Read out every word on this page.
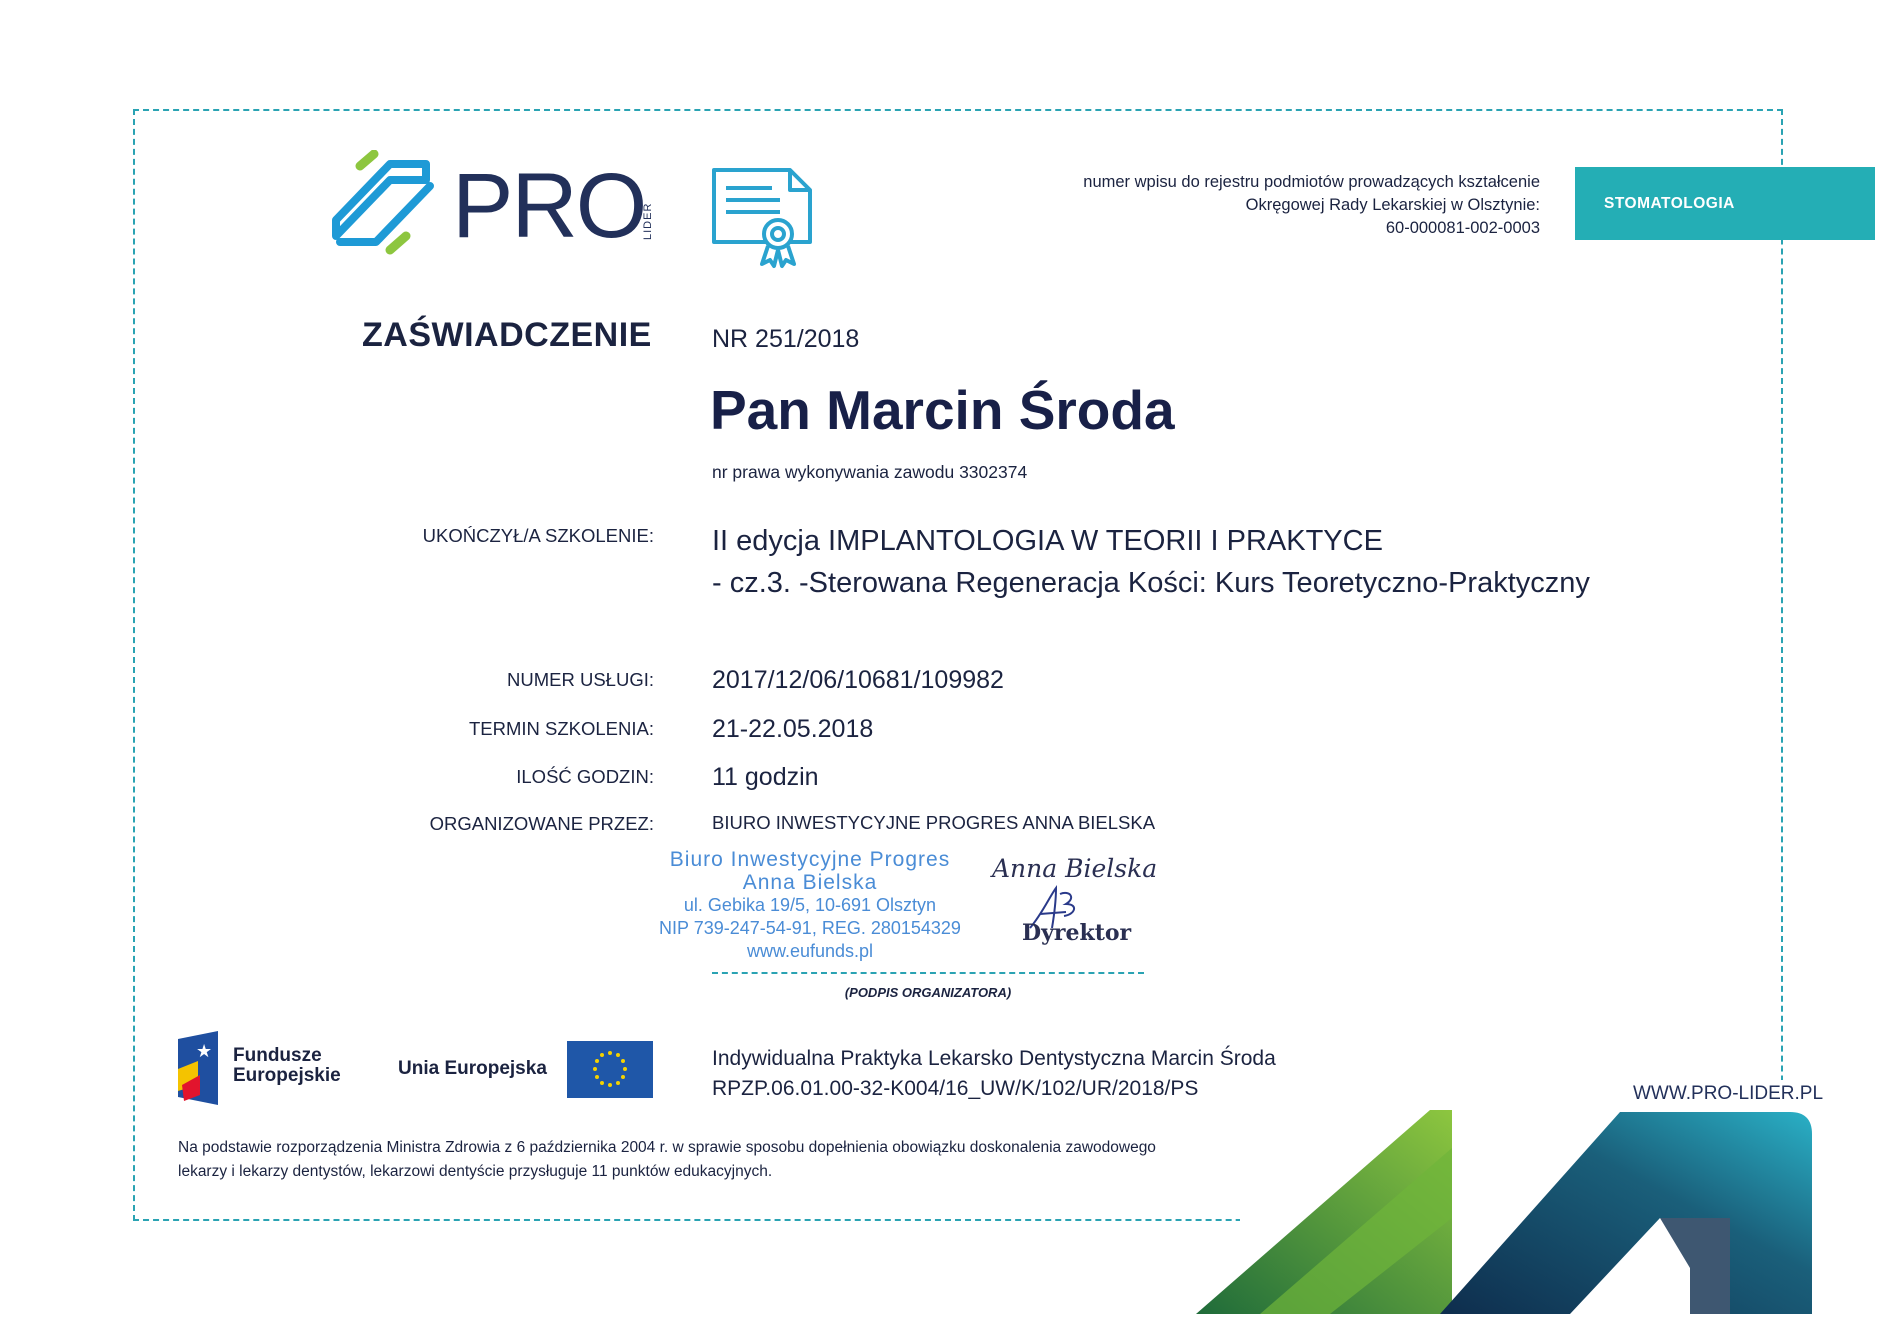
PRO
LIDER
numer wpisu do rejestru podmiotów prowadzących kształcenie
Okręgowej Rady Lekarskiej w Olsztynie:
60-000081-002-0003
STOMATOLOGIA
ZAŚWIADCZENIE NR 251/2018
Pan Marcin Środa
nr prawa wykonywania zawodu 3302374
UKOŃCZYŁ/A SZKOLENIE: II edycja IMPLANTOLOGIA W TEORII I PRAKTYCE
- cz.3. -Sterowana Regeneracja Kości: Kurs Teoretyczno-Praktyczny
NUMER USŁUGI: 2017/12/06/10681/109982
TERMIN SZKOLENIA: 21-22.05.2018
ILOŚĆ GODZIN: 11 godzin
ORGANIZOWANE PRZEZ:	BIURO INWESTYCYJNE PROGRES ANNA BIELSKA
Biuro Inwestycyjne Progres
Anna Bielska
ul. Gebika 19/5, 10-691 Olsztyn
NIP 739-247-54-91, REG. 280154329
www.eufunds.pl
Anna Bielska
Dyrektor
(PODPIS ORGANIZATORA)
★ Fundusze
Europejskie	Unia Europejska	Indywidualna Praktyka Lekarsko Dentystyczna Marcin Środa
RPZP.06.01.00-32-K004/16_UW/K/102/UR/2018/PS	WWW.PRO-LIDER.PL
Na podstawie rozporządzenia Ministra Zdrowia z 6 października 2004 r. w sprawie sposobu dopełnienia obowiązku doskonalenia zawodowego
lekarzy i lekarzy dentystów, lekarzowi dentyście przysługuje 11 punktów edukacyjnych.
